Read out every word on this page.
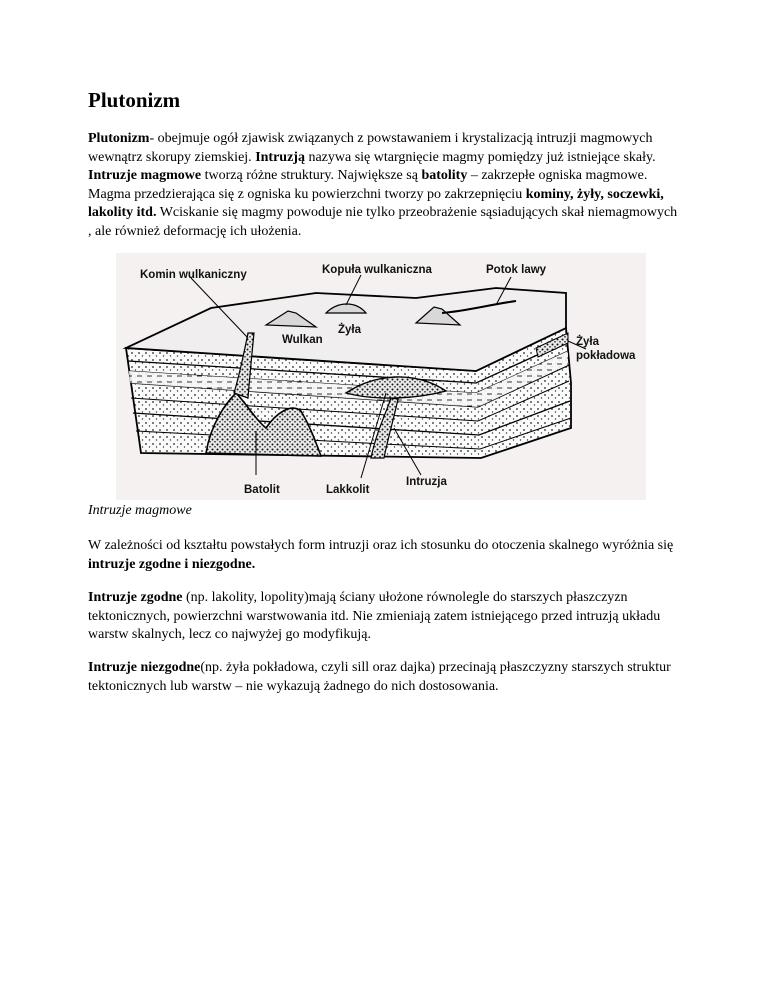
Plutonizm

Plutonizm- obejmuje ogół zjawisk związanych z powstawaniem i krystalizacją intruzji magmowych wewnątrz skorupy ziemskiej. Intruzją nazywa się wtargnięcie magmy pomiędzy już istniejące skały. Intruzje magmowe tworzą różne struktury. Największe są batolity – zakrzepłe ogniska magmowe. Magma przedzierająca się z ogniska ku powierzchni tworzy po zakrzepnięciu kominy, żyły, soczewki, lakolity itd. Wciskanie się magmy powoduje nie tylko przeobrażenie sąsiadujących skał niemagmowych , ale również deformację ich ułożenia.

Komin wulkaniczny	Kopuła wulkaniczna	Potok lawy
Wulkan
Żyła
Żyła
pokładowa
Batolit	Lakkolit
Intruzja

Intruzje magmowe

W zależności od kształtu powstałych form intruzji oraz ich stosunku do otoczenia skalnego wyróżnia się intruzje zgodne i niezgodne.

Intruzje zgodne (np. lakolity, lopolity)mają ściany ułożone równolegle do starszych płaszczyzn tektonicznych, powierzchni warstwowania itd. Nie zmieniają zatem istniejącego przed intruzją układu warstw skalnych, lecz co najwyżej go modyfikują.

Intruzje niezgodne(np. żyła pokładowa, czyli sill oraz dajka) przecinają płaszczyzny starszych struktur tektonicznych lub warstw – nie wykazują żadnego do nich dostosowania.
